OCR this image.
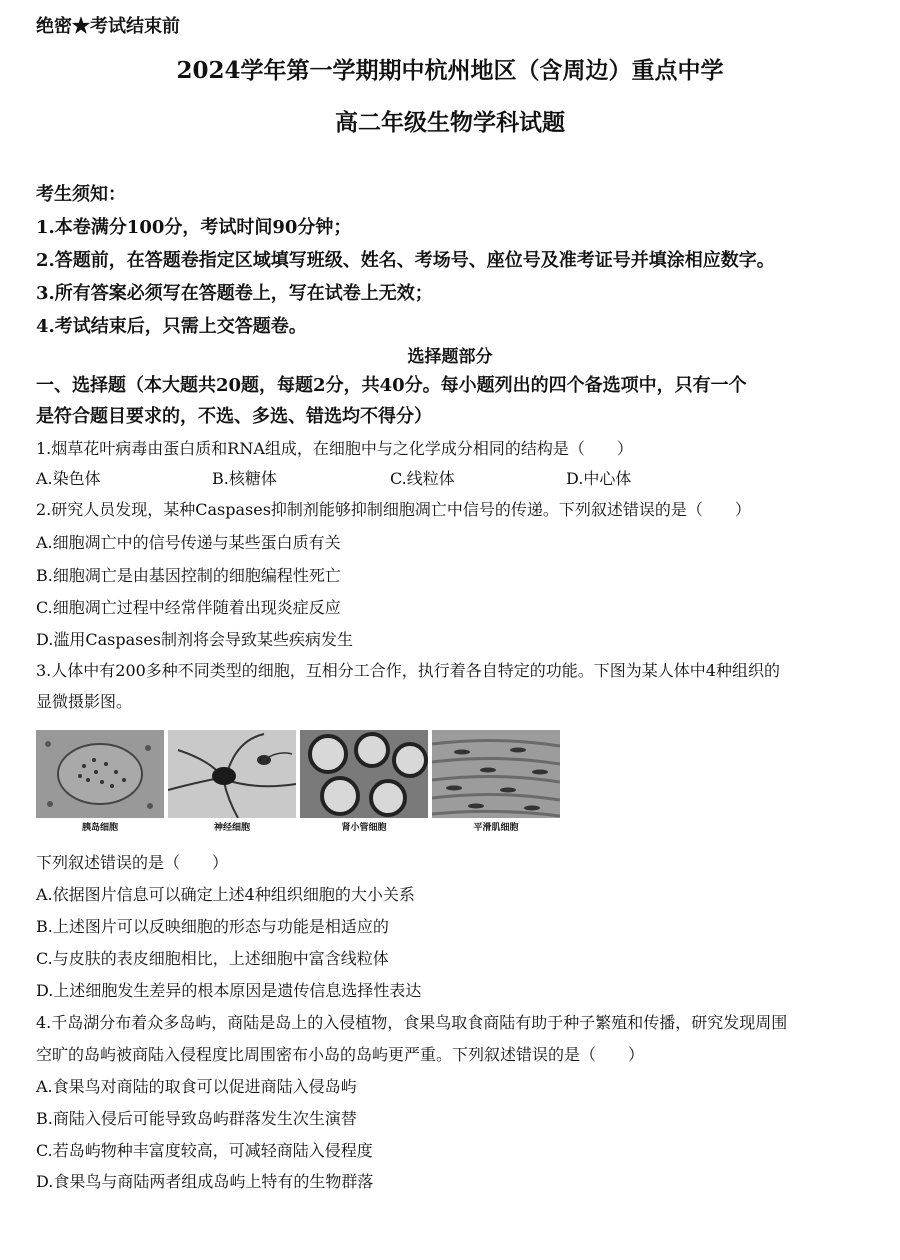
绝密★考试结束前
2024学年第一学期期中杭州地区（含周边）重点中学
高二年级生物学科试题
考生须知：
1.本卷满分100分，考试时间90分钟；
2.答题前，在答题卷指定区域填写班级、姓名、考场号、座位号及准考证号并填涂相应数字。
3.所有答案必须写在答题卷上，写在试卷上无效；
4.考试结束后，只需上交答题卷。
选择题部分
一、选择题（本大题共20题，每题2分，共40分。每小题列出的四个备选项中，只有一个
是符合题目要求的，不选、多选、错选均不得分）
1.烟草花叶病毒由蛋白质和RNA组成，在细胞中与之化学成分相同的结构是（　　）
A.染色体	B.核糖体	C.线粒体	D.中心体
2.研究人员发现，某种Caspases抑制剂能够抑制细胞凋亡中信号的传递。下列叙述错误的是（　　）
A.细胞凋亡中的信号传递与某些蛋白质有关
B.细胞凋亡是由基因控制的细胞编程性死亡
C.细胞凋亡过程中经常伴随着出现炎症反应
D.滥用Caspases制剂将会导致某些疾病发生
3.人体中有200多种不同类型的细胞，互相分工合作，执行着各自特定的功能。下图为某人体中4种组织的
显微摄影图。
胰岛细胞	神经细胞	肾小管细胞	平滑肌细胞
下列叙述错误的是（　　）
A.依据图片信息可以确定上述4种组织细胞的大小关系
B.上述图片可以反映细胞的形态与功能是相适应的
C.与皮肤的表皮细胞相比，上述细胞中富含线粒体
D.上述细胞发生差异的根本原因是遗传信息选择性表达
4.千岛湖分布着众多岛屿，商陆是岛上的入侵植物，食果鸟取食商陆有助于种子繁殖和传播，研究发现周围
空旷的岛屿被商陆入侵程度比周围密布小岛的岛屿更严重。下列叙述错误的是（　　）
A.食果鸟对商陆的取食可以促进商陆入侵岛屿
B.商陆入侵后可能导致岛屿群落发生次生演替
C.若岛屿物种丰富度较高，可减轻商陆入侵程度
D.食果鸟与商陆两者组成岛屿上特有的生物群落
